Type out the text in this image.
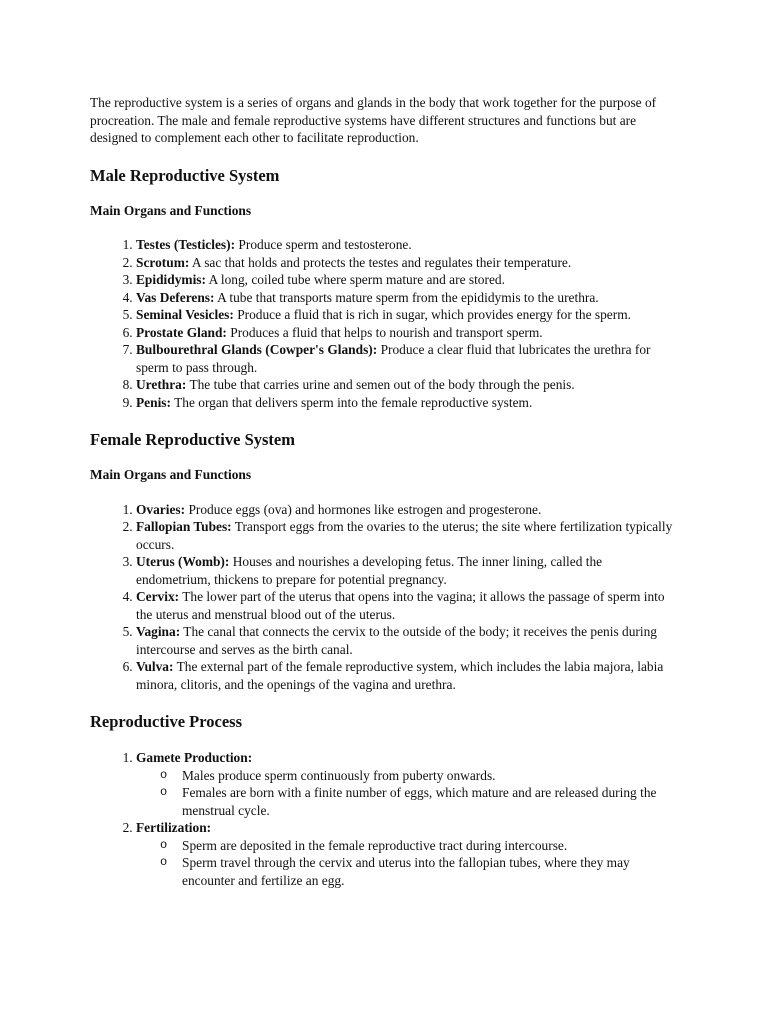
The reproductive system is a series of organs and glands in the body that work together for the purpose of procreation. The male and female reproductive systems have different structures and functions but are designed to complement each other to facilitate reproduction.

Male Reproductive System
Main Organs and Functions
1. Testes (Testicles): Produce sperm and testosterone.
2. Scrotum: A sac that holds and protects the testes and regulates their temperature.
3. Epididymis: A long, coiled tube where sperm mature and are stored.
4. Vas Deferens: A tube that transports mature sperm from the epididymis to the urethra.
5. Seminal Vesicles: Produce a fluid that is rich in sugar, which provides energy for the sperm.
6. Prostate Gland: Produces a fluid that helps to nourish and transport sperm.
7. Bulbourethral Glands (Cowper's Glands): Produce a clear fluid that lubricates the urethra for sperm to pass through.
8. Urethra: The tube that carries urine and semen out of the body through the penis.
9. Penis: The organ that delivers sperm into the female reproductive system.
Female Reproductive System
Main Organs and Functions
1. Ovaries: Produce eggs (ova) and hormones like estrogen and progesterone.
2. Fallopian Tubes: Transport eggs from the ovaries to the uterus; the site where fertilization typically occurs.
3. Uterus (Womb): Houses and nourishes a developing fetus. The inner lining, called the endometrium, thickens to prepare for potential pregnancy.
4. Cervix: The lower part of the uterus that opens into the vagina; it allows the passage of sperm into the uterus and menstrual blood out of the uterus.
5. Vagina: The canal that connects the cervix to the outside of the body; it receives the penis during intercourse and serves as the birth canal.
6. Vulva: The external part of the female reproductive system, which includes the labia majora, labia minora, clitoris, and the openings of the vagina and urethra.
Reproductive Process
1. Gamete Production:
o Males produce sperm continuously from puberty onwards.
o Females are born with a finite number of eggs, which mature and are released during the menstrual cycle.
2. Fertilization:
o Sperm are deposited in the female reproductive tract during intercourse.
o Sperm travel through the cervix and uterus into the fallopian tubes, where they may encounter and fertilize an egg.
